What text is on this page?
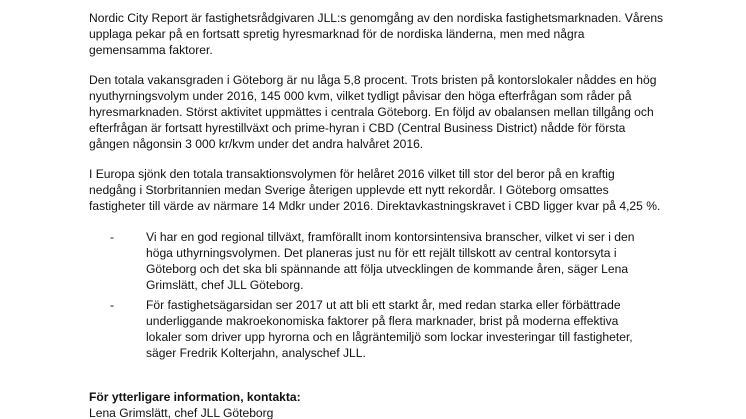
Nordic City Report är fastighetsrådgivaren JLL:s genomgång av den nordiska fastighetsmarknaden. Vårens upplaga pekar på en fortsatt spretig hyresmarknad för de nordiska länderna, men med några gemensamma faktorer.

Den totala vakansgraden i Göteborg är nu låga 5,8 procent. Trots bristen på kontorslokaler nåddes en hög nyuthyrningsvolym under 2016, 145 000 kvm, vilket tydligt påvisar den höga efterfrågan som råder på hyresmarknaden. Störst aktivitet uppmättes i centrala Göteborg. En följd av obalansen mellan tillgång och efterfrågan är fortsatt hyrestillväxt och prime-hyran i CBD (Central Business District) nådde för första gången någonsin 3 000 kr/kvm under det andra halvåret 2016.

I Europa sjönk den totala transaktionsvolymen för helåret 2016 vilket till stor del beror på en kraftig nedgång i Storbritannien medan Sverige återigen upplevde ett nytt rekordår. I Göteborg omsattes fastigheter till värde av närmare 14 Mdkr under 2016. Direktavkastningskravet i CBD ligger kvar på 4,25 %.

-	Vi har en god regional tillväxt, framförallt inom kontorsintensiva branscher, vilket vi ser i den höga uthyrningsvolymen. Det planeras just nu för ett rejält tillskott av central kontorsyta i Göteborg och det ska bli spännande att följa utvecklingen de kommande åren, säger Lena Grimslätt, chef JLL Göteborg.

-	För fastighetsägarsidan ser 2017 ut att bli ett starkt år, med redan starka eller förbättrade underliggande makroekonomiska faktorer på flera marknader, brist på moderna effektiva lokaler som driver upp hyrorna och en lågräntemiljö som lockar investeringar till fastigheter, säger Fredrik Kolterjahn, analyschef JLL.

För ytterligare information, kontakta:

Lena Grimslätt, chef JLL Göteborg
